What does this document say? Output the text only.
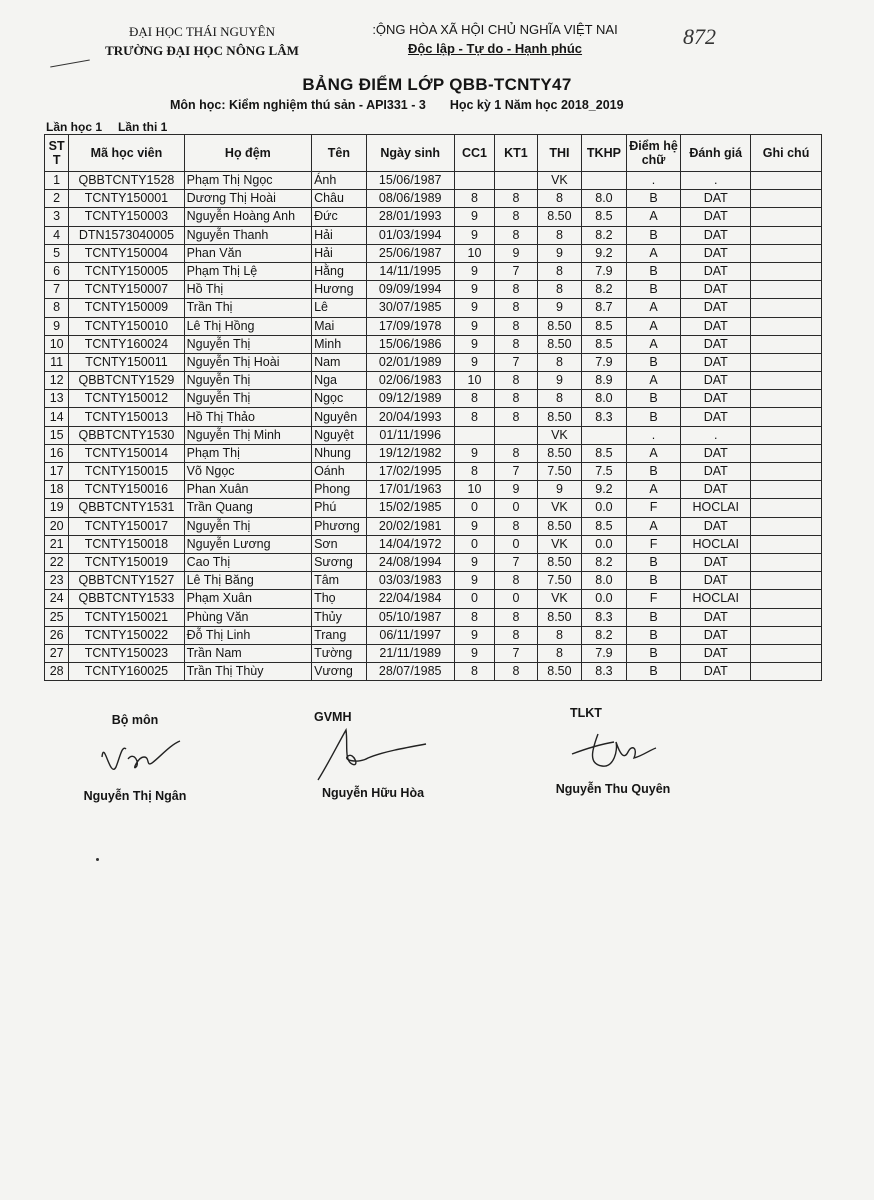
ĐẠI HỌC THÁI NGUYÊN
TRƯỜNG ĐẠI HỌC NÔNG LÂM
:ỘNG HÒA XÃ HỘI CHỦ NGHĨA VIỆT NAI
Độc lập - Tự do - Hạnh phúc	872
BẢNG ĐIỂM LỚP QBB-TCNTY47
Môn học: Kiểm nghiệm thú sản - API331 - 3 Học kỳ 1 Năm học 2018_2019
Lần học 1 Lần thi 1
ST T	Mã học viên	Họ đệm	Tên	Ngày sinh	CC1	KT1	THI	TKHP	Điểm hệ chữ	Đánh giá	Ghi chú
1	QBBTCNTY1528	Phạm Thị Ngọc	Ánh	15/06/1987			VK		.	.	
2	TCNTY150001	Dương Thị Hoài	Châu	08/06/1989	8	8	8	8.0	B	DAT	
3	TCNTY150003	Nguyễn Hoàng Anh	Đức	28/01/1993	9	8	8.50	8.5	A	DAT	
4	DTN1573040005	Nguyễn Thanh	Hải	01/03/1994	9	8	8	8.2	B	DAT	
5	TCNTY150004	Phan Văn	Hải	25/06/1987	10	9	9	9.2	A	DAT	
6	TCNTY150005	Phạm Thị Lệ	Hằng	14/11/1995	9	7	8	7.9	B	DAT	
7	TCNTY150007	Hồ Thị	Hương	09/09/1994	9	8	8	8.2	B	DAT	
8	TCNTY150009	Trần Thị	Lê	30/07/1985	9	8	9	8.7	A	DAT	
9	TCNTY150010	Lê Thị Hồng	Mai	17/09/1978	9	8	8.50	8.5	A	DAT	
10	TCNTY160024	Nguyễn Thị	Minh	15/06/1986	9	8	8.50	8.5	A	DAT	
11	TCNTY150011	Nguyễn Thị Hoài	Nam	02/01/1989	9	7	8	7.9	B	DAT	
12	QBBTCNTY1529	Nguyễn Thị	Nga	02/06/1983	10	8	9	8.9	A	DAT	
13	TCNTY150012	Nguyễn Thị	Ngọc	09/12/1989	8	8	8	8.0	B	DAT	
14	TCNTY150013	Hồ Thị Thảo	Nguyên	20/04/1993	8	8	8.50	8.3	B	DAT	
15	QBBTCNTY1530	Nguyễn Thị Minh	Nguyệt	01/11/1996			VK		.	.	
16	TCNTY150014	Phạm Thị	Nhung	19/12/1982	9	8	8.50	8.5	A	DAT	
17	TCNTY150015	Võ Ngọc	Oánh	17/02/1995	8	7	7.50	7.5	B	DAT	
18	TCNTY150016	Phan Xuân	Phong	17/01/1963	10	9	9	9.2	A	DAT	
19	QBBTCNTY1531	Trần Quang	Phú	15/02/1985	0	0	VK	0.0	F	HOCLAI	
20	TCNTY150017	Nguyễn Thị	Phương	20/02/1981	9	8	8.50	8.5	A	DAT	
21	TCNTY150018	Nguyễn Lương	Sơn	14/04/1972	0	0	VK	0.0	F	HOCLAI	
22	TCNTY150019	Cao Thị	Sương	24/08/1994	9	7	8.50	8.2	B	DAT	
23	QBBTCNTY1527	Lê Thị Băng	Tâm	03/03/1983	9	8	7.50	8.0	B	DAT	
24	QBBTCNTY1533	Phạm Xuân	Thọ	22/04/1984	0	0	VK	0.0	F	HOCLAI	
25	TCNTY150021	Phùng Văn	Thủy	05/10/1987	8	8	8.50	8.3	B	DAT	
26	TCNTY150022	Đỗ Thị Linh	Trang	06/11/1997	9	8	8	8.2	B	DAT	
27	TCNTY150023	Trần Nam	Tường	21/11/1989	9	7	8	7.9	B	DAT	
28	TCNTY160025	Trần Thị Thùy	Vương	28/07/1985	8	8	8.50	8.3	B	DAT	
Bộ môn
Nguyễn Thị Ngân
GVMH
Nguyễn Hữu Hòa
TLKT
Nguyễn Thu Quyên
